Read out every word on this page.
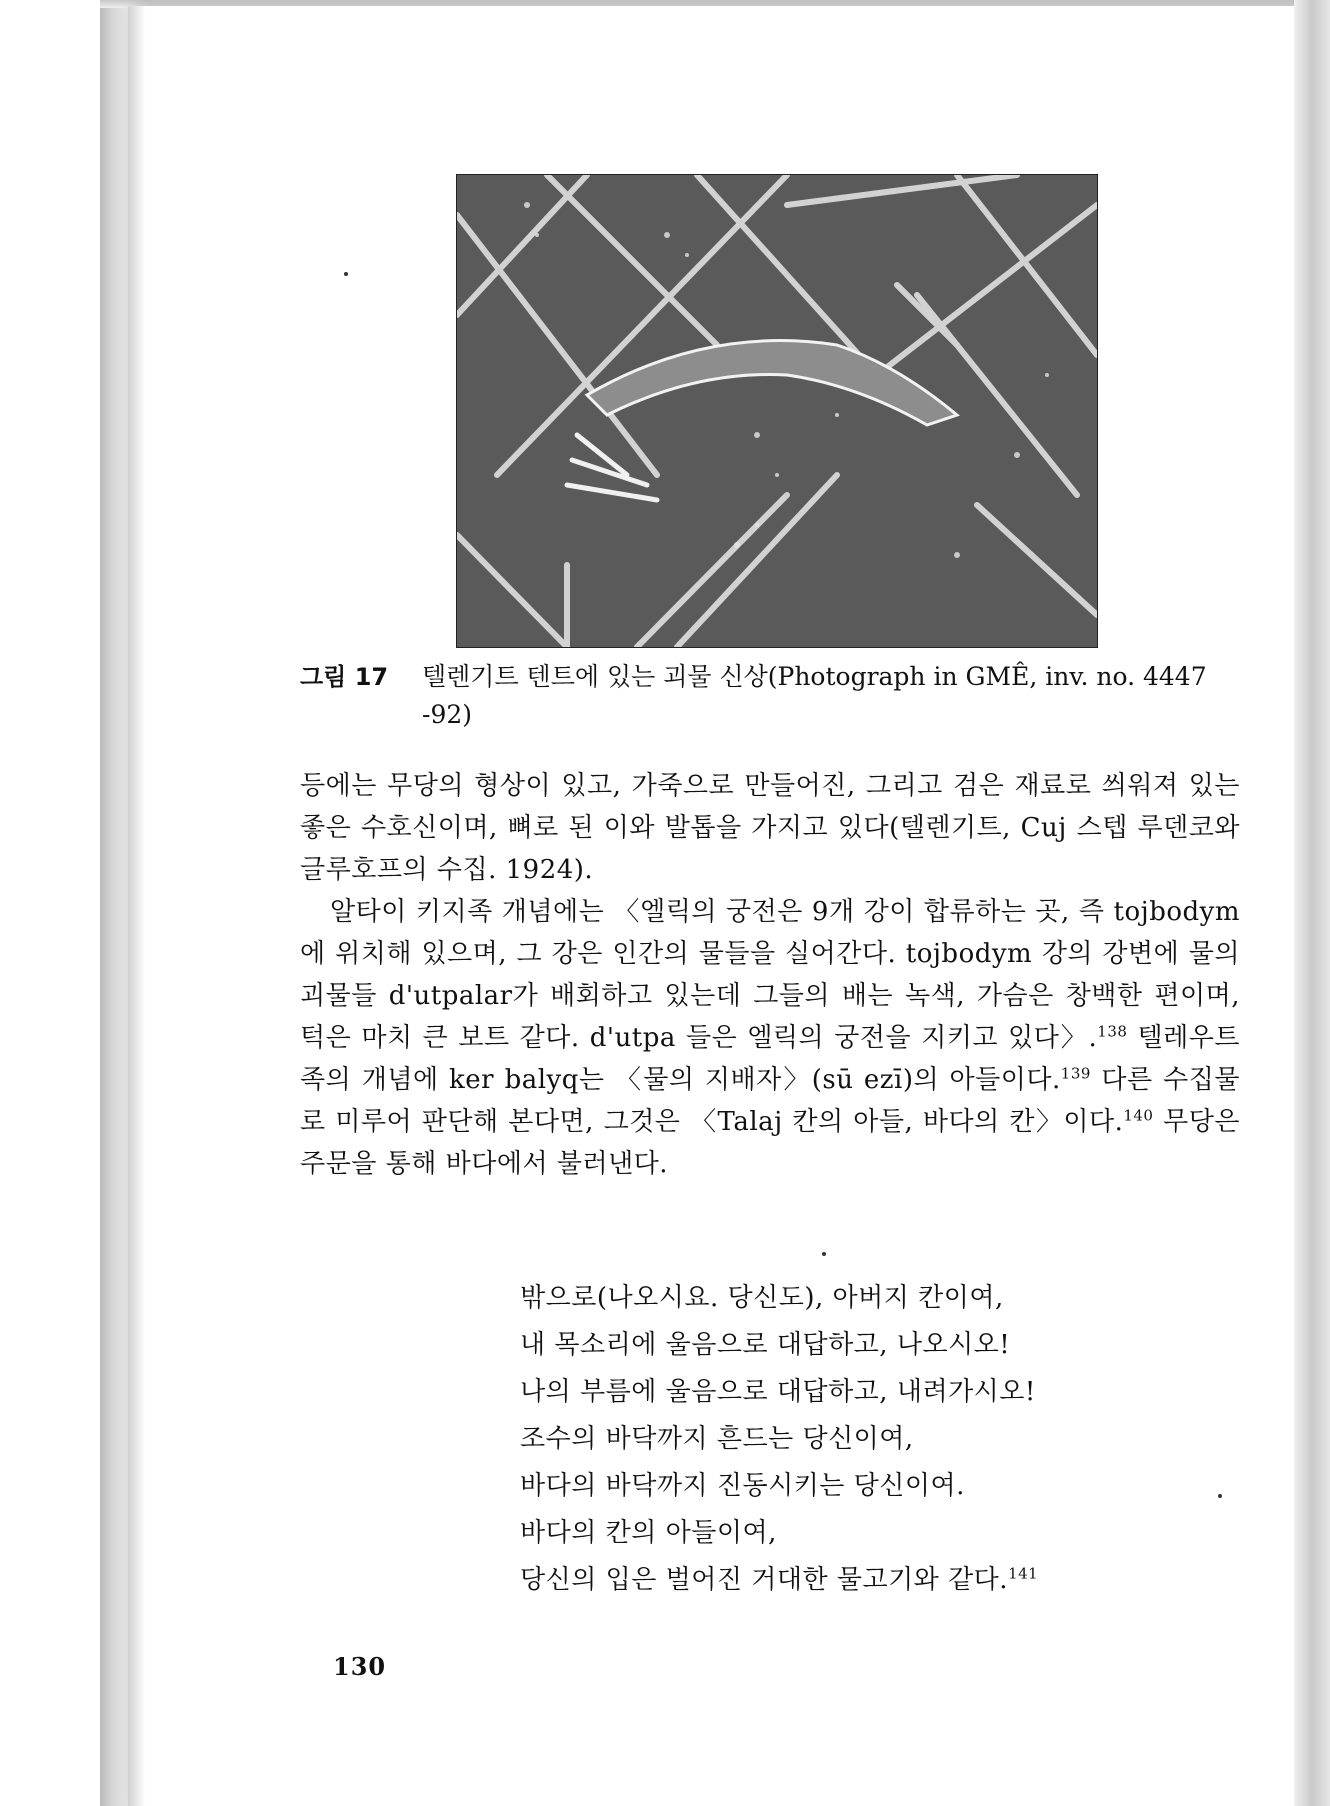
그림 17 텔렌기트 텐트에 있는 괴물 신상(Photograph in GMÊ, inv. no. 4447 -92)

등에는 무당의 형상이 있고, 가죽으로 만들어진, 그리고 검은 재료로 씌워져 있는 좋은 수호신이며, 뼈로 된 이와 발톱을 가지고 있다(텔렌기트, Cuj 스텝 루덴코와 글루호프의 수집. 1924).

알타이 키지족 개념에는 〈엘릭의 궁전은 9개 강이 합류하는 곳, 즉 tojbodym에 위치해 있으며, 그 강은 인간의 물들을 실어간다. tojbodym 강의 강변에 물의 괴물들 d'utpalar가 배회하고 있는데 그들의 배는 녹색, 가슴은 창백한 편이며, 턱은 마치 큰 보트 같다. d'utpa 들은 엘릭의 궁전을 지키고 있다〉.$^{138}$ 텔레우트족의 개념에 ker balyq는 〈물의 지배자〉(sū ezī)의 아들이다.$^{139}$ 다른 수집물로 미루어 판단해 본다면, 그것은 〈Talaj 칸의 아들, 바다의 칸〉이다.$^{140}$ 무당은 주문을 통해 바다에서 불러낸다.

밖으로(나오시요. 당신도), 아버지 칸이여,
내 목소리에 울음으로 대답하고, 나오시오!
나의 부름에 울음으로 대답하고, 내려가시오!
조수의 바닥까지 흔드는 당신이여,
바다의 바닥까지 진동시키는 당신이여.
바다의 칸의 아들이여,
당신의 입은 벌어진 거대한 물고기와 같다.$^{141}$
130
